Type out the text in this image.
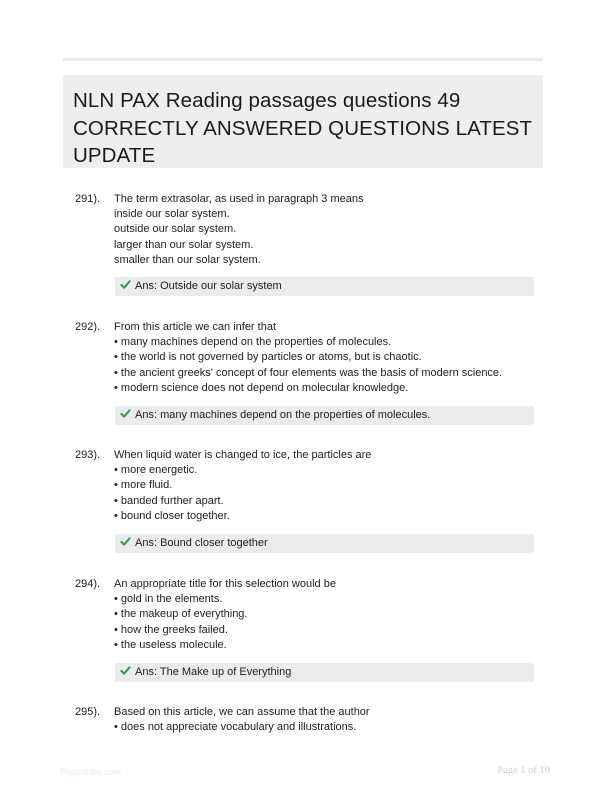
NLN PAX Reading passages questions 49 CORRECTLY ANSWERED QUESTIONS LATEST UPDATE
291). The term extrasolar, as used in paragraph 3 means
inside our solar system.
outside our solar system.
larger than our solar system.
smaller than our solar system.
Ans: Outside our solar system
292). From this article we can infer that
• many machines depend on the properties of molecules.
• the world is not governed by particles or atoms, but is chaotic.
• the ancient greeks' concept of four elements was the basis of modern science.
• modern science does not depend on molecular knowledge.
Ans: many machines depend on the properties of molecules.
293). When liquid water is changed to ice, the particles are
• more energetic.
• more fluid.
• banded further apart.
• bound closer together.
Ans: Bound closer together
294). An appropriate title for this selection would be
• gold in the elements.
• the makeup of everything.
• how the greeks failed.
• the useless molecule.
Ans: The Make up of Everything
295). Based on this article, we can assume that the author
• does not appreciate vocabulary and illustrations.
Papertribe.com	Page 1 of 10
